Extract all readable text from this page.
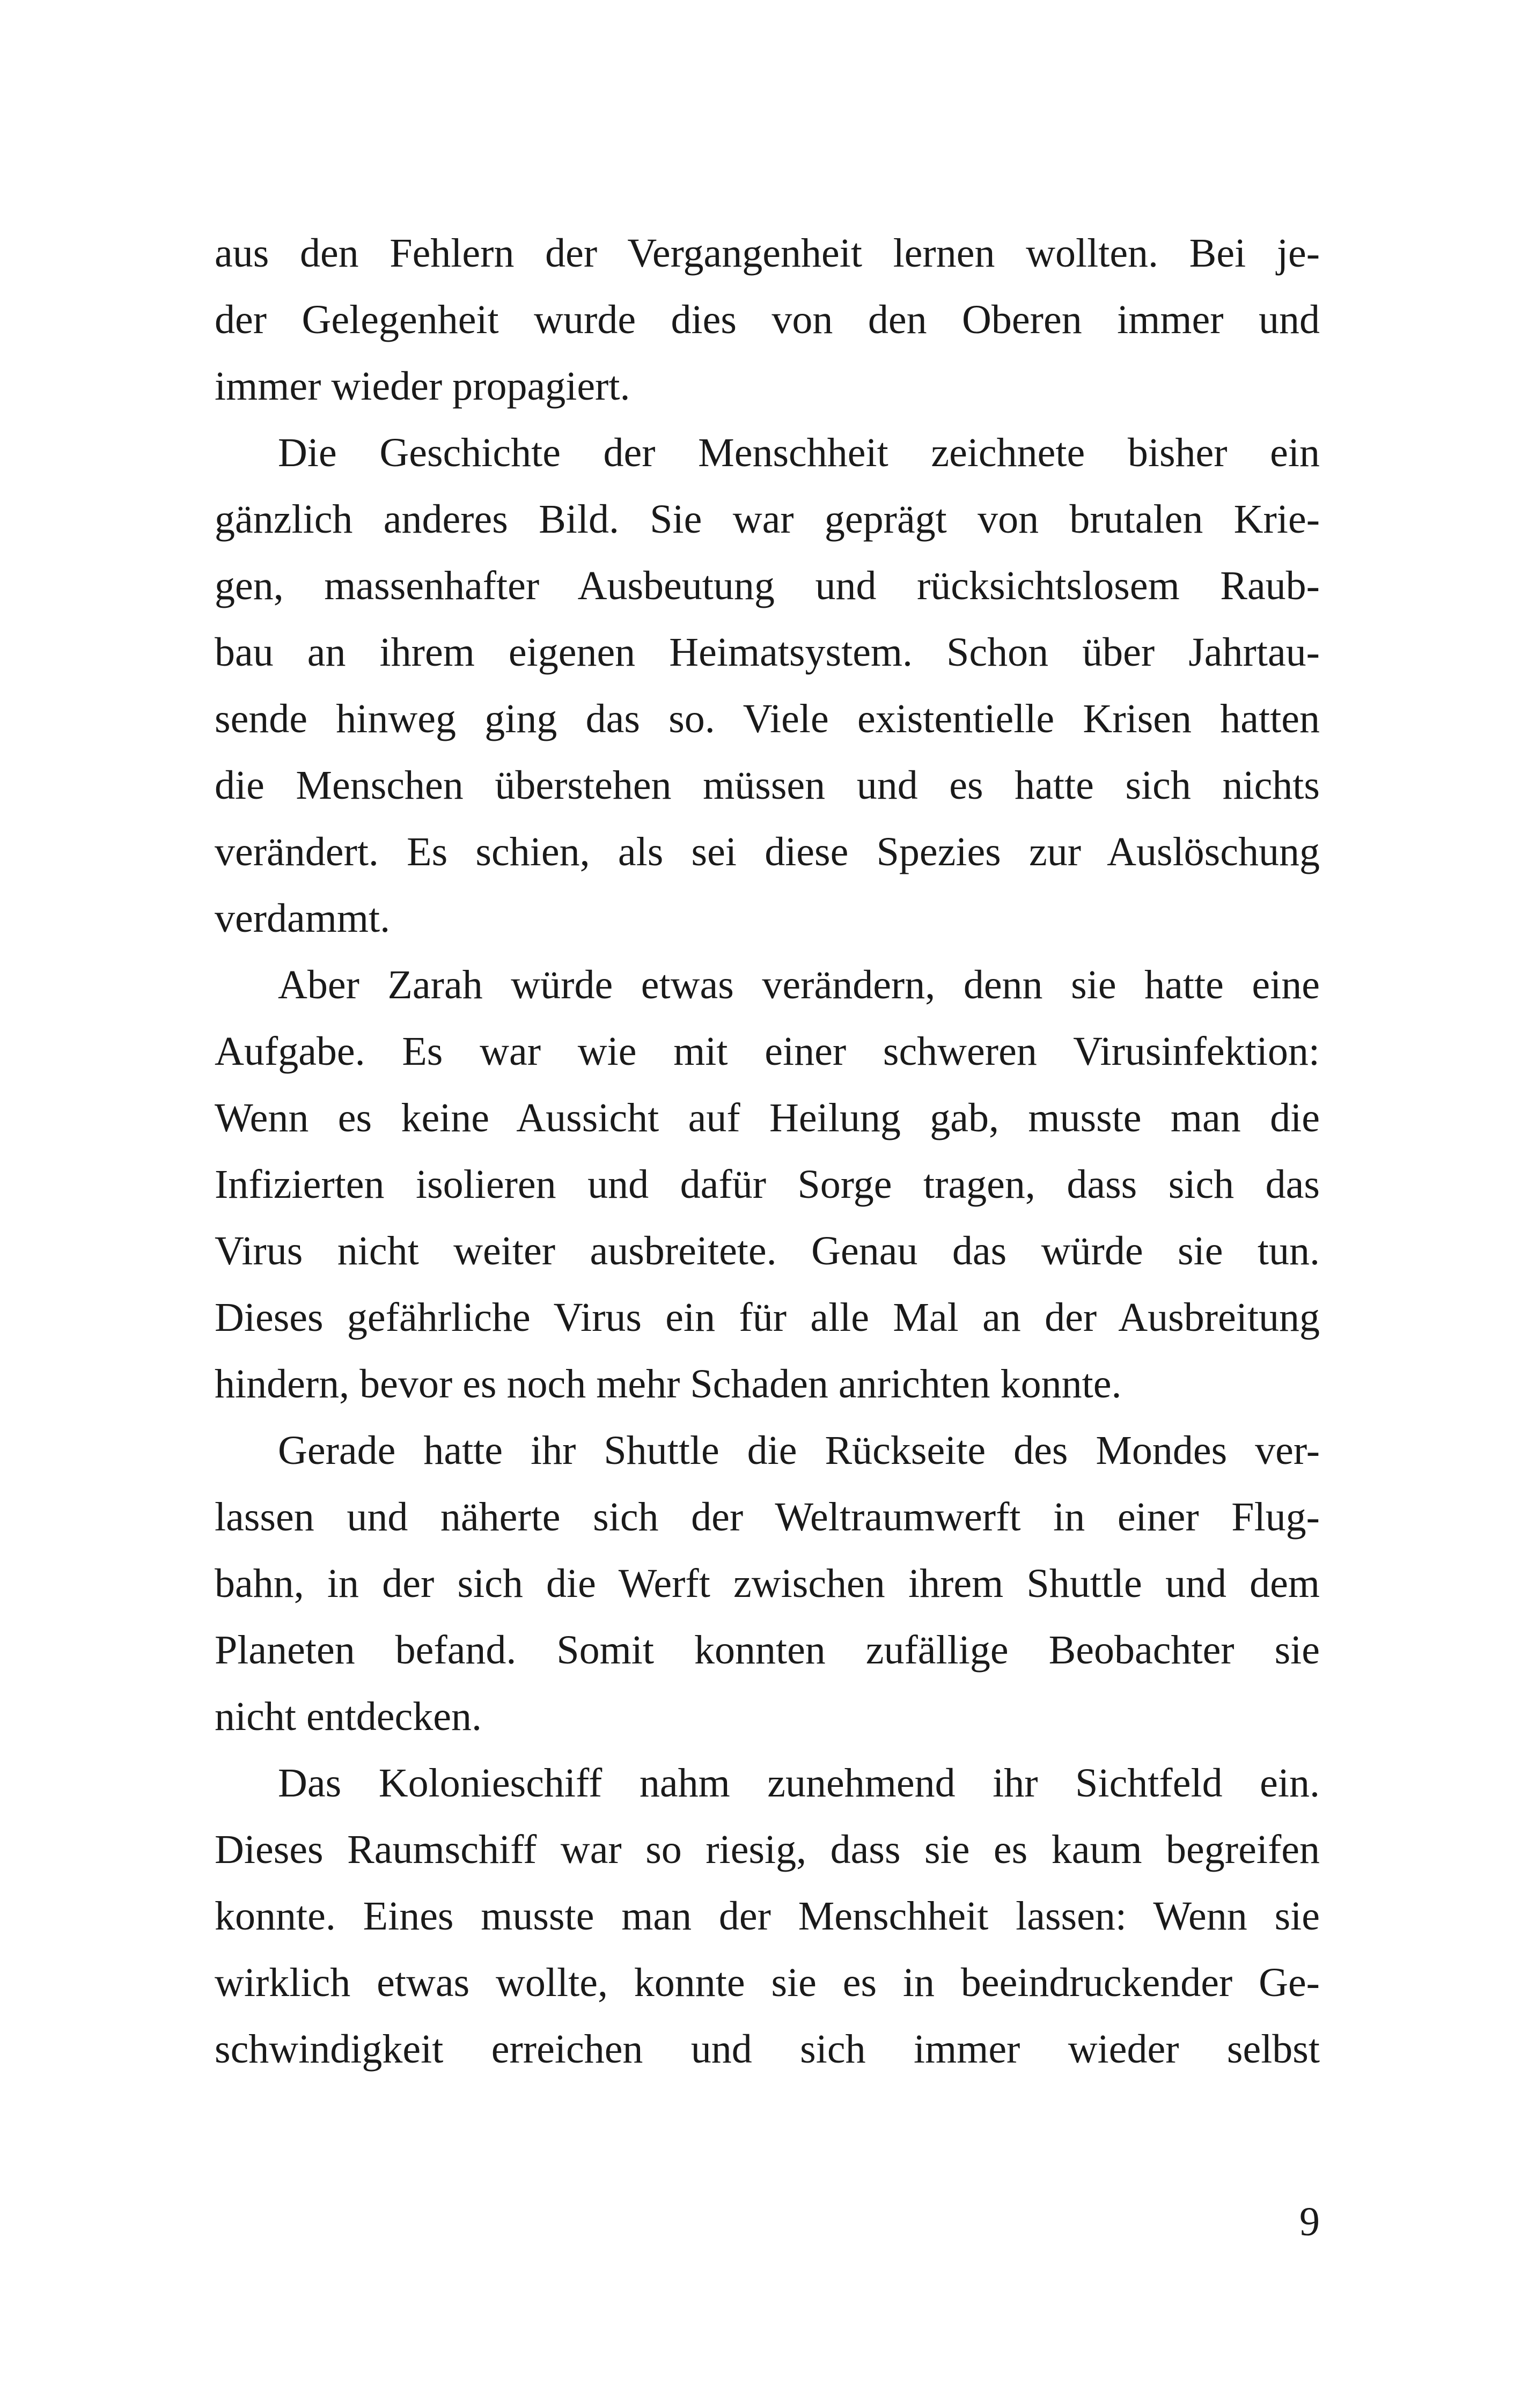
aus den Fehlern der Vergangenheit lernen wollten. Bei je-
der Gelegenheit wurde dies von den Oberen immer und
immer wieder propagiert.
Die Geschichte der Menschheit zeichnete bisher ein
gänzlich anderes Bild. Sie war geprägt von brutalen Krie-
gen, massenhafter Ausbeutung und rücksichtslosem Raub-
bau an ihrem eigenen Heimatsystem. Schon über Jahrtau-
sende hinweg ging das so. Viele existentielle Krisen hatten
die Menschen überstehen müssen und es hatte sich nichts
verändert. Es schien, als sei diese Spezies zur Auslöschung
verdammt.
Aber Zarah würde etwas verändern, denn sie hatte eine
Aufgabe. Es war wie mit einer schweren Virusinfektion:
Wenn es keine Aussicht auf Heilung gab, musste man die
Infizierten isolieren und dafür Sorge tragen, dass sich das
Virus nicht weiter ausbreitete. Genau das würde sie tun.
Dieses gefährliche Virus ein für alle Mal an der Ausbreitung
hindern, bevor es noch mehr Schaden anrichten konnte.
Gerade hatte ihr Shuttle die Rückseite des Mondes ver-
lassen und näherte sich der Weltraumwerft in einer Flug-
bahn, in der sich die Werft zwischen ihrem Shuttle und dem
Planeten befand. Somit konnten zufällige Beobachter sie
nicht entdecken.
Das Kolonieschiff nahm zunehmend ihr Sichtfeld ein.
Dieses Raumschiff war so riesig, dass sie es kaum begreifen
konnte. Eines musste man der Menschheit lassen: Wenn sie
wirklich etwas wollte, konnte sie es in beeindruckender Ge-
schwindigkeit erreichen und sich immer wieder selbst
9
